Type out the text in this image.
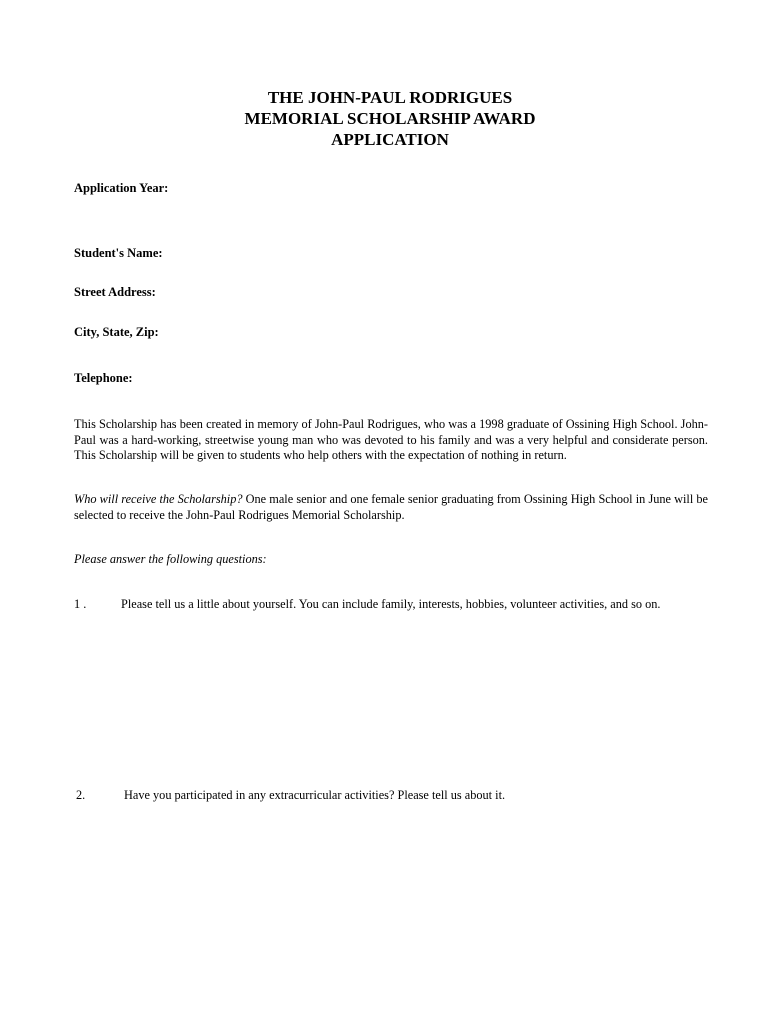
THE JOHN-PAUL RODRIGUES
MEMORIAL SCHOLARSHIP AWARD
APPLICATION
Application Year:
Student's Name:
Street Address:
City, State, Zip:
Telephone:
This Scholarship has been created in memory of John-Paul Rodrigues, who was a 1998 graduate of Ossining High School. John-Paul was a hard-working, streetwise young man who was devoted to his family and was a very helpful and considerate person. This Scholarship will be given to students who help others with the expectation of nothing in return.
Who will receive the Scholarship? One male senior and one female senior graduating from Ossining High School in June will be selected to receive the John-Paul Rodrigues Memorial Scholarship.
Please answer the following questions:
1 .	Please tell us a little about yourself. You can include family, interests, hobbies, volunteer activities, and so on.
2.	Have you participated in any extracurricular activities? Please tell us about it.
